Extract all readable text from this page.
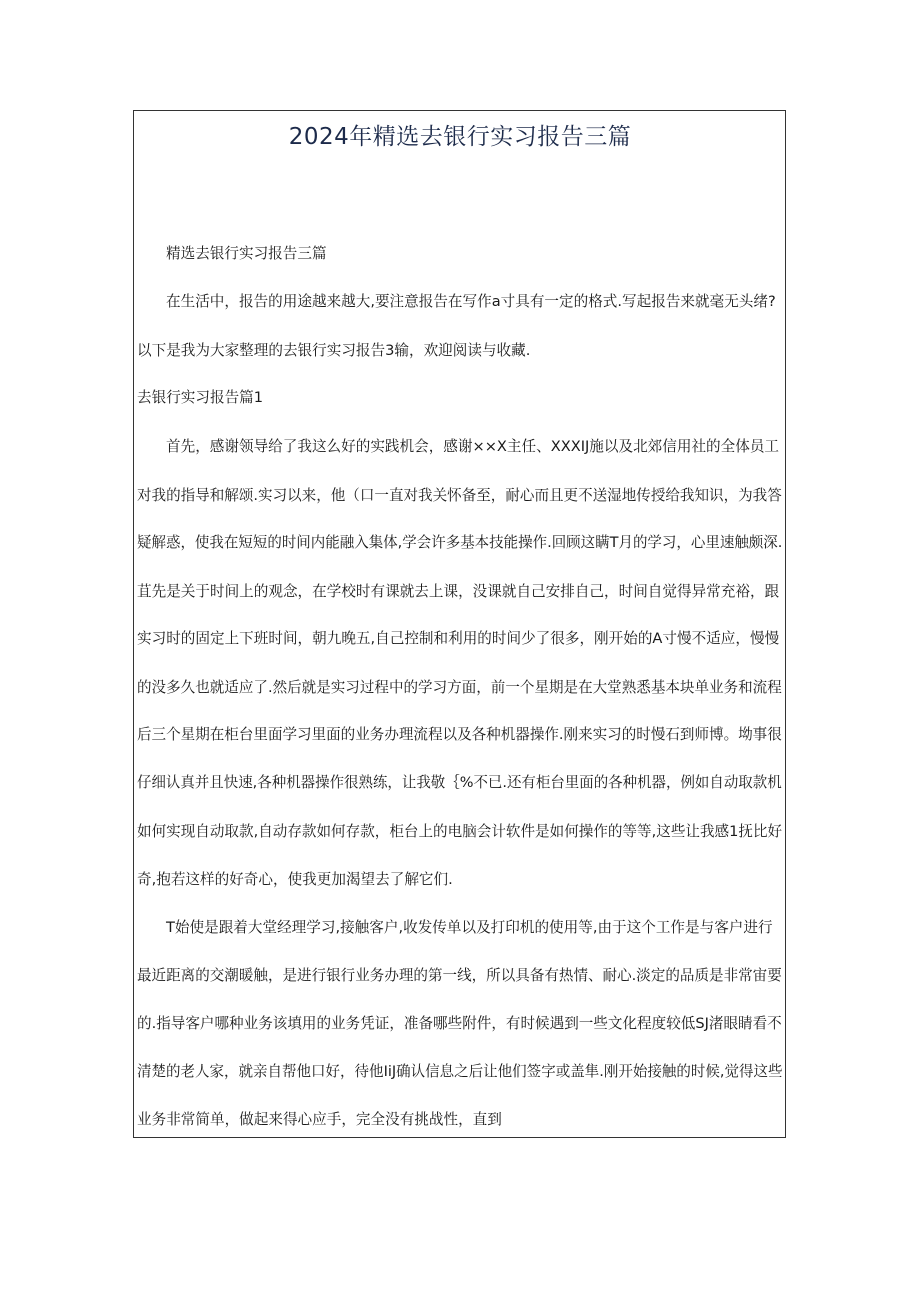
2024年精选去银行实习报告三篇

精选去银行实习报告三篇

在生活中，报告的用途越来越大,要注意报告在写作a寸具有一定的格式.写起报告来就毫无头绪?

以下是我为大家整理的去银行实习报告3输，欢迎阅读与收藏.

去银行实习报告篇1

首先，感谢领导给了我这么好的实践机会，感谢××X主任、XXXIJ施以及北郊信用社的全体员工

对我的指导和解颂.实习以来，他（口一直对我关怀备至，耐心而且更不送湿地传授给我知识，为我答

疑解惑，使我在短短的时间内能融入集体,学会许多基本技能操作.回顾这瞒T月的学习，心里速触颇深.

苴先是关于时间上的观念，在学校时有课就去上课，没课就自己安排自己，时间自觉得异常充裕，跟

实习时的固定上下班时间，朝九晚五,自己控制和利用的时间少了很多，刚开始的A寸慢不适应，慢慢

的没多久也就适应了.然后就是实习过程中的学习方面，前一个星期是在大堂熟悉基本块单业务和流程

后三个星期在柜台里面学习里面的业务办理流程以及各种机器操作.刚来实习的时慢石到师博。坳事很

仔细认真并且快速,各种机器操作很熟练，让我敬｛%不已.还有柜台里面的各种机器，例如自动取款机

如何实现自动取款,自动存款如何存款，柜台上的电脑会计软件是如何操作的等等,这些让我感1抚比好

奇,抱若这样的好奇心，使我更加渴望去了解它们.

T始使是跟着大堂经理学习,接触客户,收发传单以及打印机的使用等,由于这个工作是与客户进行

最近距离的交潮暖触，是进行银行业务办理的第一线，所以具备有热情、耐心.淡定的品质是非常宙要

的.指导客户哪种业务该填用的业务凭证，准备哪些附件，有时候遇到一些文化程度较低SJ渚眼睛看不

清楚的老人家，就亲自帮他口好，待他IiJ确认信息之后让他们签字或盖隼.刚开始接触的时候,觉得这些

业务非常简单，做起来得心应手，完全没有挑战性，直到
